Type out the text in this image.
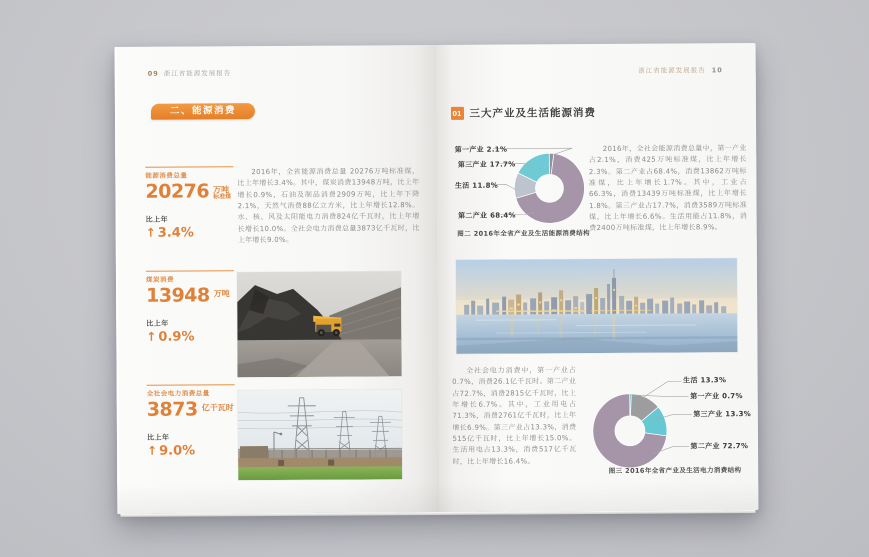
09 浙江省能源发展报告
二、能源消费
能源消费总量
20276 万吨
标准煤
比上年
↑ 3.4%
2016年，全省能源消费总量 20276万吨标准煤，比上年增长3.4%。其中，煤炭消费13948万吨，比上年增长0.9%，石油及制品消费2909万吨，比上年下降2.1%，天然气消费88亿立方米，比上年增长12.8%。水、核、风及太阳能电力消费824亿千瓦时，比上年增长增长10.0%。全社会电力消费总量3873亿千瓦时，比上年增长9.0%。
煤炭消费
13948 万吨
比上年
↑ 0.9%
全社会电力消费总量
3873 亿千瓦时
比上年
↑ 9.0%
浙江省能源发展报告 10
01 三大产业及生活能源消费
第一产业 2.1%
第三产业 17.7%
生活 11.8%
第二产业 68.4%
图二 2016年全省产业及生活能源消费结构
2016年，全社会能源消费总量中，第一产业占2.1%，消费425万吨标准煤，比上年增长2.3%。第二产业占68.4%，消费13862万吨标准煤，比上年增长1.7%。其中，工业占66.3%，消费13439万吨标准煤，比上年增长1.8%。第三产业占17.7%，消费3589万吨标准煤，比上年增长6.6%。生活用能占11.8%，消费2400万吨标准煤，比上年增长8.9%。
全社会电力消费中，第一产业占0.7%，消费26.1亿千瓦时。第二产业占72.7%，消费2815亿千瓦时，比上年增长6.7%。其中，工业用电占71.3%，消费2761亿千瓦时，比上年增长6.9%。第三产业占13.3%，消费515亿千瓦时，比上年增长15.0%。生活用电占13.3%，消费517亿千瓦时，比上年增长16.4%。
生活 13.3%
第一产业 0.7%
第三产业 13.3%
第二产业 72.7%
图三 2016年全省产业及生活电力消费结构
